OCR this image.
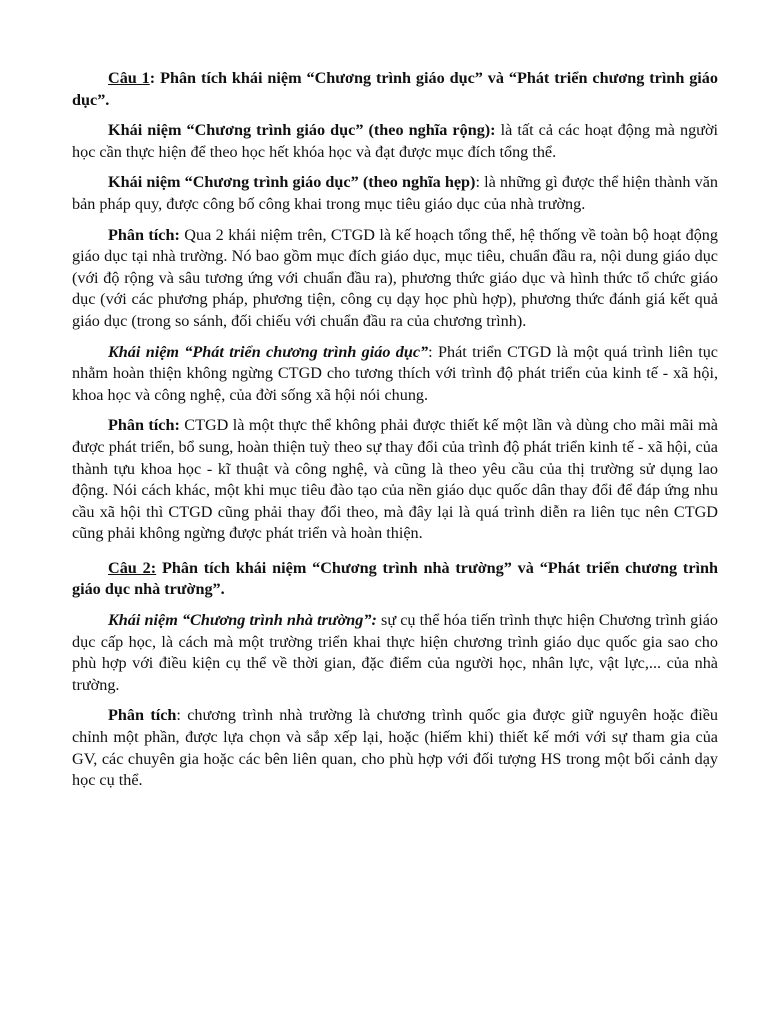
Câu 1: Phân tích khái niệm “Chương trình giáo dục” và “Phát triển chương trình giáo dục”.

Khái niệm “Chương trình giáo dục” (theo nghĩa rộng): là tất cả các hoạt động mà người học cần thực hiện để theo học hết khóa học và đạt được mục đích tổng thể.

Khái niệm “Chương trình giáo dục” (theo nghĩa hẹp): là những gì được thể hiện thành văn bản pháp quy, được công bố công khai trong mục tiêu giáo dục của nhà trường.

Phân tích: Qua 2 khái niệm trên, CTGD là kế hoạch tổng thể, hệ thống về toàn bộ hoạt động giáo dục tại nhà trường. Nó bao gồm mục đích giáo dục, mục tiêu, chuẩn đầu ra, nội dung giáo dục (với độ rộng và sâu tương ứng với chuẩn đầu ra), phương thức giáo dục và hình thức tổ chức giáo dục (với các phương pháp, phương tiện, công cụ dạy học phù hợp), phương thức đánh giá kết quả giáo dục (trong so sánh, đối chiếu với chuẩn đầu ra của chương trình).

Khái niệm “Phát triển chương trình giáo dục”: Phát triển CTGD là một quá trình liên tục nhằm hoàn thiện không ngừng CTGD cho tương thích với trình độ phát triển của kinh tế - xã hội, khoa học và công nghệ, của đời sống xã hội nói chung.

Phân tích: CTGD là một thực thể không phải được thiết kế một lần và dùng cho mãi mãi mà được phát triển, bổ sung, hoàn thiện tuỳ theo sự thay đổi của trình độ phát triển kinh tế - xã hội, của thành tựu khoa học - kĩ thuật và công nghệ, và cũng là theo yêu cầu của thị trường sử dụng lao động. Nói cách khác, một khi mục tiêu đào tạo của nền giáo dục quốc dân thay đổi để đáp ứng nhu cầu xã hội thì CTGD cũng phải thay đổi theo, mà đây lại là quá trình diễn ra liên tục nên CTGD cũng phải không ngừng được phát triển và hoàn thiện.

Câu 2: Phân tích khái niệm “Chương trình nhà trường” và “Phát triển chương trình giáo dục nhà trường”.

Khái niệm “Chương trình nhà trường”: sự cụ thể hóa tiến trình thực hiện Chương trình giáo dục cấp học, là cách mà một trường triển khai thực hiện chương trình giáo dục quốc gia sao cho phù hợp với điều kiện cụ thể về thời gian, đặc điểm của người học, nhân lực, vật lực,... của nhà trường.

Phân tích: chương trình nhà trường là chương trình quốc gia được giữ nguyên hoặc điều chỉnh một phần, được lựa chọn và sắp xếp lại, hoặc (hiếm khi) thiết kế mới với sự tham gia của GV, các chuyên gia hoặc các bên liên quan, cho phù hợp với đối tượng HS trong một bối cảnh dạy học cụ thể.
